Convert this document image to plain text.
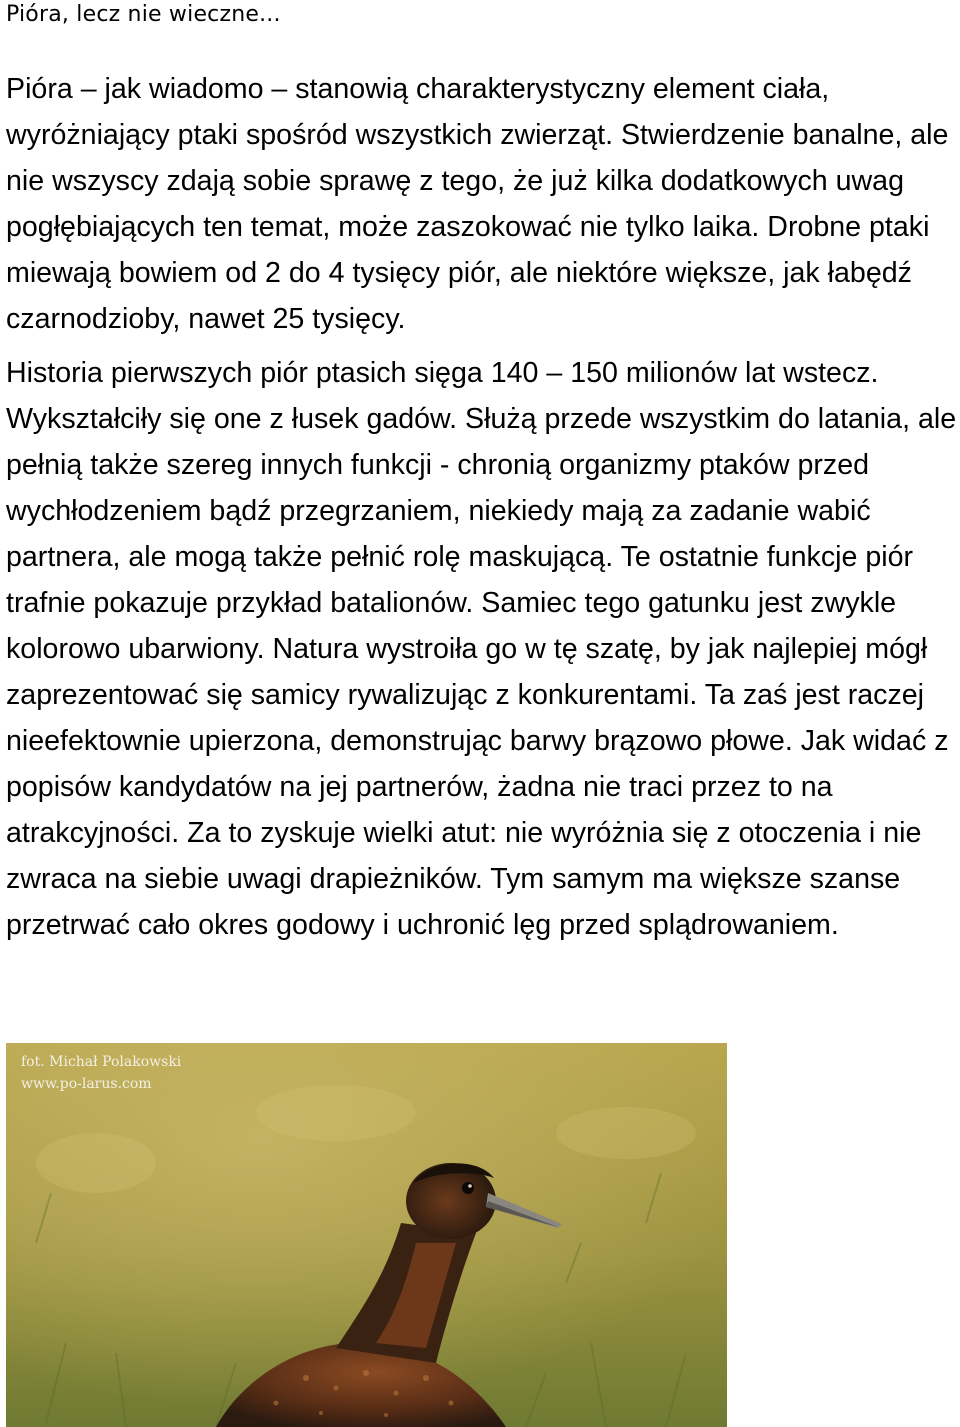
Pióra, lecz nie wieczne...

Pióra – jak wiadomo – stanowią charakterystyczny element ciała, wyróżniający ptaki spośród wszystkich zwierząt. Stwierdzenie banalne, ale nie wszyscy zdają sobie sprawę z tego, że już kilka dodatkowych uwag pogłębiających ten temat, może zaszokować nie tylko laika. Drobne ptaki miewają bowiem od 2 do 4 tysięcy piór, ale niektóre większe, jak łabędź czarnodzioby, nawet 25 tysięcy.

Historia pierwszych piór ptasich sięga 140 – 150 milionów lat wstecz. Wykształciły się one z łusek gadów. Służą przede wszystkim do latania, ale pełnią także szereg innych funkcji - chronią organizmy ptaków przed wychłodzeniem bądź przegrzaniem, niekiedy mają za zadanie wabić partnera, ale mogą także pełnić rolę maskującą. Te ostatnie funkcje piór trafnie pokazuje przykład batalionów. Samiec tego gatunku jest zwykle kolorowo ubarwiony. Natura wystroiła go w tę szatę, by jak najlepiej mógł zaprezentować się samicy rywalizując z konkurentami. Ta zaś jest raczej nieefektownie upierzona, demonstrując barwy brązowo płowe. Jak widać z popisów kandydatów na jej partnerów, żadna nie traci przez to na atrakcyjności. Za to zyskuje wielki atut: nie wyróżnia się z otoczenia i nie zwraca na siebie uwagi drapieżników. Tym samym ma większe szanse przetrwać cało okres godowy i uchronić lęg przed splądrowaniem.

fot. Michał Polakowski
www.po-larus.com
